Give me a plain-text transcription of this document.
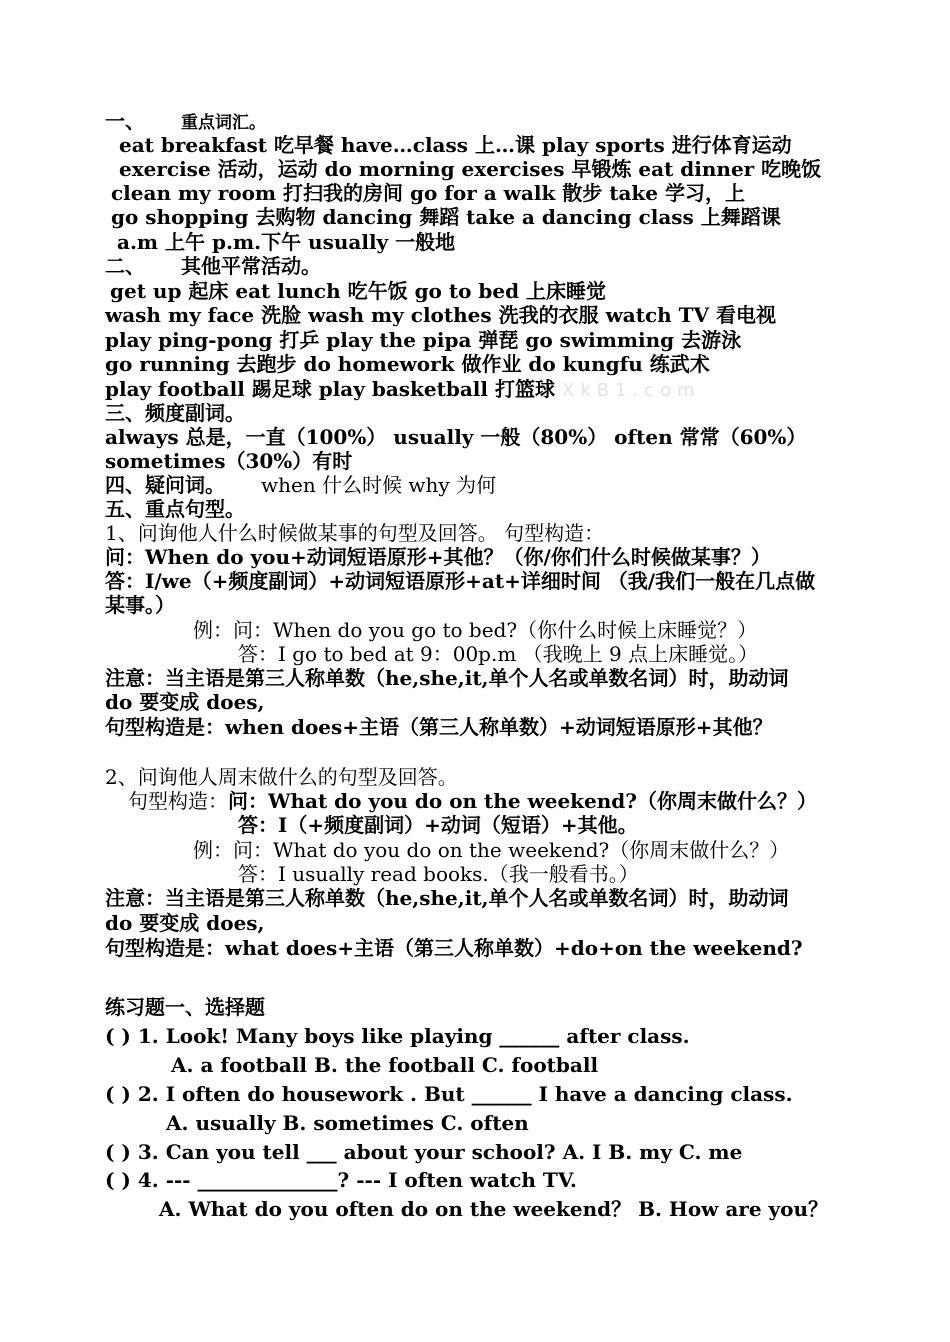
一、 重点词汇。
eat breakfast 吃早餐 have…class 上…课 play sports 进行体育运动
exercise 活动，运动 do morning exercises 早锻炼 eat dinner 吃晚饭
clean my room 打扫我的房间 go for a walk 散步 take 学习，上
go shopping 去购物 dancing 舞蹈 take a dancing class 上舞蹈课
a.m 上午 p.m.下午 usually 一般地
二、 其他平常活动。
get up 起床 eat lunch 吃午饭 go to bed 上床睡觉
wash my face 洗脸 wash my clothes 洗我的衣服 watch TV 看电视
play ping-pong 打乒 play the pipa 弹琵 go swimming 去游泳
go running 去跑步 do homework 做作业 do kungfu 练武术
play football 踢足球 play basketball 打篮球 XkB1.com
三、频度副词。
always 总是，一直（100%） usually 一般（80%） often 常常（60%）
sometimes（30%）有时
四、疑问词。 when 什么时候 why 为何
五、重点句型。
1、问询他人什么时候做某事的句型及回答。 句型构造：
问：When do you+动词短语原形+其他？（你/你们什么时候做某事？）
答：I/we（+频度副词）+动词短语原形+at+详细时间 （我/我们一般在几点做
某事。）
例：问：When do you go to bed?（你什么时候上床睡觉？）
答：I go to bed at 9：00p.m （我晚上 9 点上床睡觉。）
注意：当主语是第三人称单数（he,she,it,单个人名或单数名词）时，助动词
do 要变成 does,
句型构造是：when does+主语（第三人称单数）+动词短语原形+其他？
2、问询他人周末做什么的句型及回答。
句型构造：问：What do you do on the weekend?（你周末做什么？）
答：I（+频度副词）+动词（短语）+其他。
例：问：What do you do on the weekend?（你周末做什么？）
答：I usually read books.（我一般看书。）
注意：当主语是第三人称单数（he,she,it,单个人名或单数名词）时，助动词
do 要变成 does,
句型构造是：what does+主语（第三人称单数）+do+on the weekend?
练习题一、选择题
( ) 1. Look! Many boys like playing ______ after class.
A. a football B. the football C. football
( ) 2. I often do housework . But ______ I have a dancing class.
A. usually B. sometimes C. often
( ) 3. Can you tell ___ about your school? A. I B. my C. me
( ) 4. --- ______________? --- I often watch TV.
A. What do you often do on the weekend？ B. How are you？
